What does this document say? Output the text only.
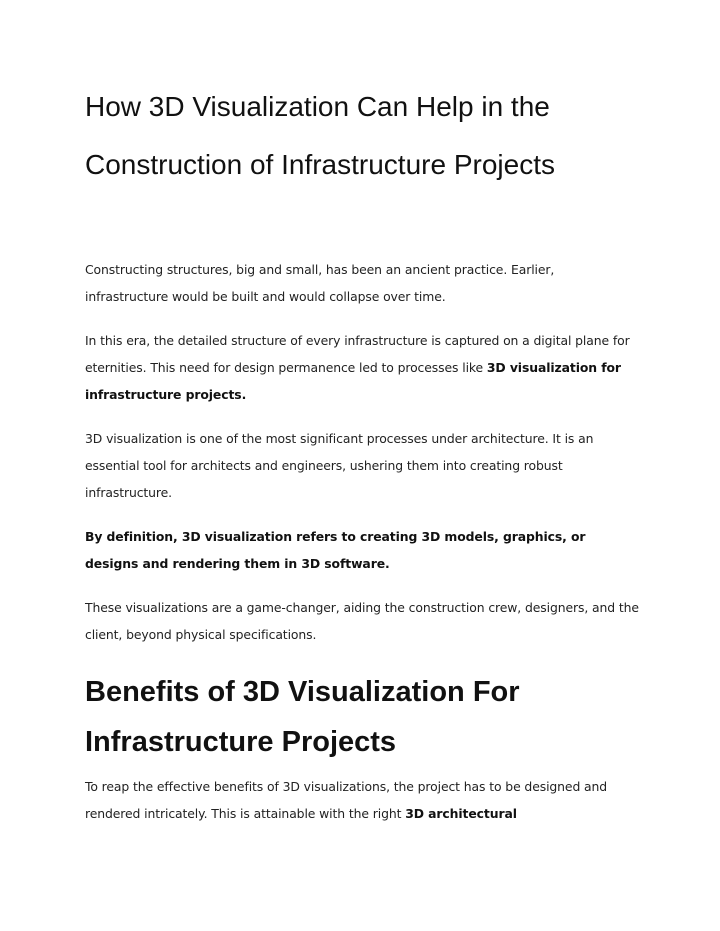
How 3D Visualization Can Help in the Construction of Infrastructure Projects

Constructing structures, big and small, has been an ancient practice. Earlier, infrastructure would be built and would collapse over time.

In this era, the detailed structure of every infrastructure is captured on a digital plane for eternities. This need for design permanence led to processes like 3D visualization for infrastructure projects.

3D visualization is one of the most significant processes under architecture. It is an essential tool for architects and engineers, ushering them into creating robust infrastructure.

By definition, 3D visualization refers to creating 3D models, graphics, or designs and rendering them in 3D software.

These visualizations are a game-changer, aiding the construction crew, designers, and the client, beyond physical specifications.

Benefits of 3D Visualization For Infrastructure Projects

To reap the effective benefits of 3D visualizations, the project has to be designed and rendered intricately. This is attainable with the right 3D architectural
